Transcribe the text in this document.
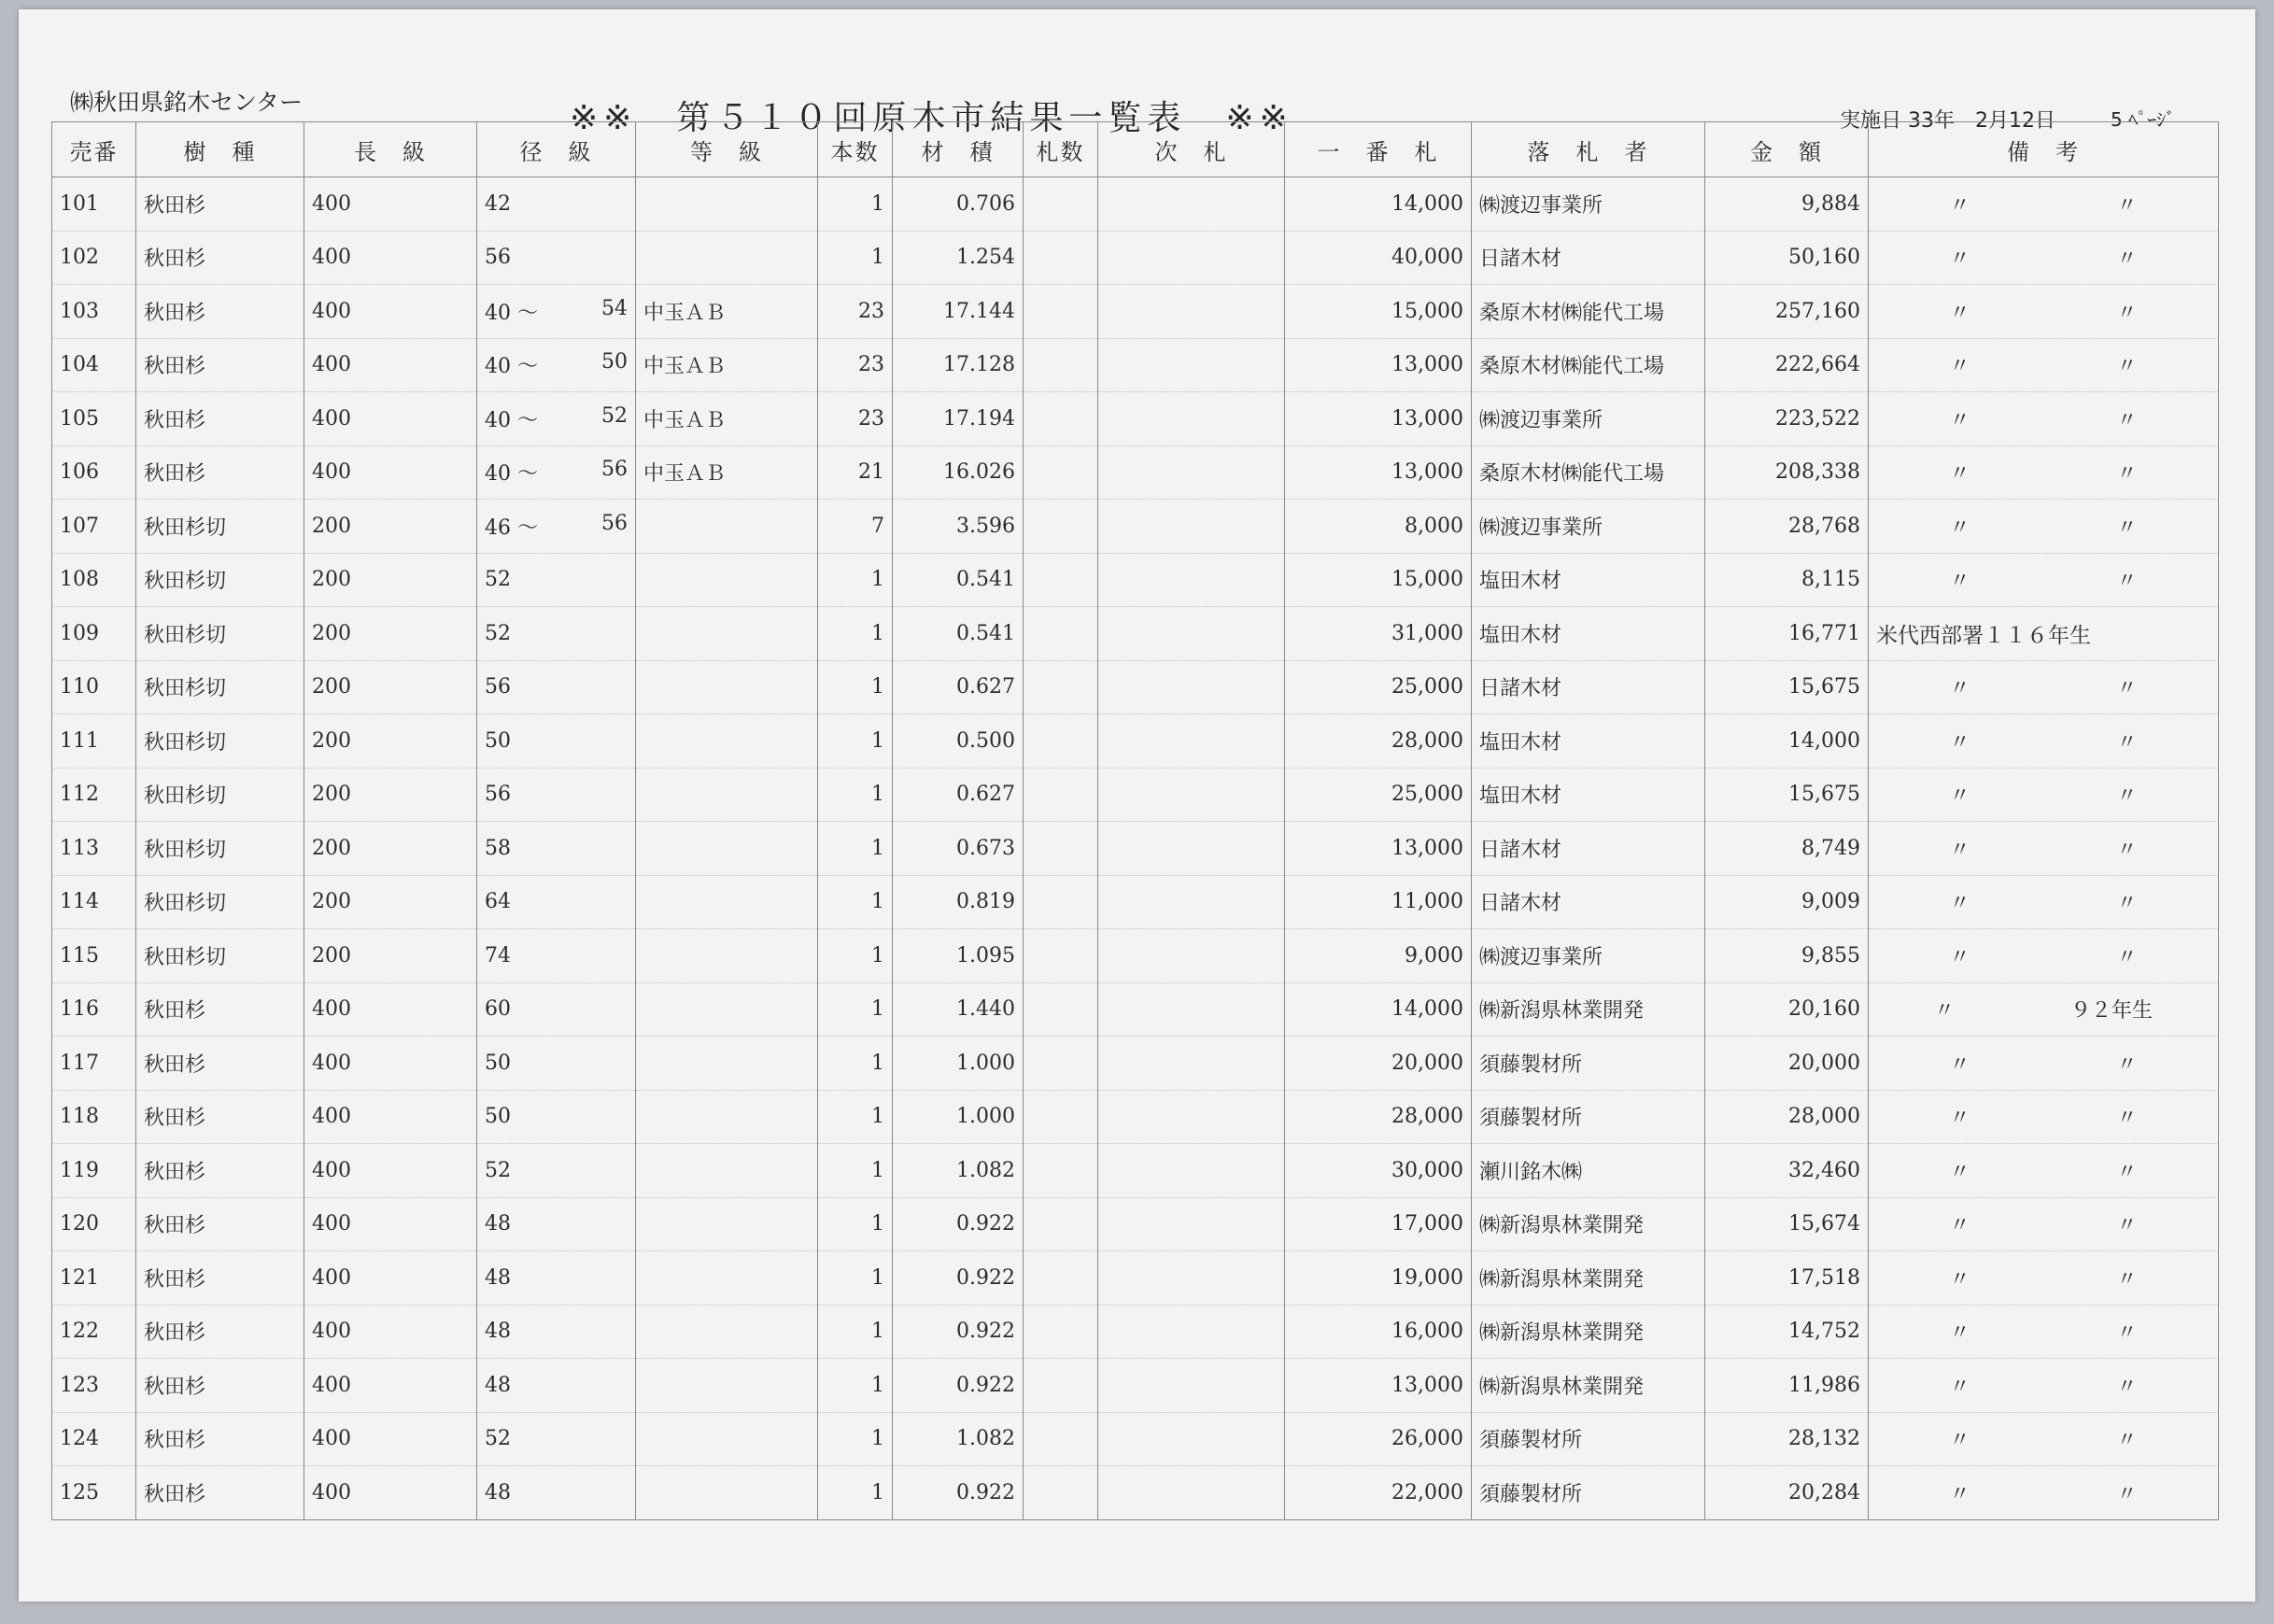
㈱秋田県銘木センター	※※　第５１０回原木市結果一覧表　※※	実施日 33年　2月12日	5 ﾍﾟｰｼﾞ
売番	樹　種	長　級	径　級	等　級	本数	材　積	札数	次　札	一　番　札	落　札　者	金　額	備　考
101	秋田杉	400	42		1	0.706			14,000	㈱渡辺事業所	9,884	〃 〃

102	秋田杉	400	56		1	1.254			40,000	日諸木材	50,160	〃 〃

103	秋田杉	400	40 ～ 54	中玉ＡＢ	23	17.144			15,000	桑原木材㈱能代工場	257,160	〃 〃

104	秋田杉	400	40 ～ 50	中玉ＡＢ	23	17.128			13,000	桑原木材㈱能代工場	222,664	〃 〃

105	秋田杉	400	40 ～ 52	中玉ＡＢ	23	17.194			13,000	㈱渡辺事業所	223,522	〃 〃

106	秋田杉	400	40 ～ 56	中玉ＡＢ	21	16.026			13,000	桑原木材㈱能代工場	208,338	〃 〃

107	秋田杉切	200	46 ～ 56		7	3.596			8,000	㈱渡辺事業所	28,768	〃 〃

108	秋田杉切	200	52		1	0.541			15,000	塩田木材	8,115	〃 〃

109	秋田杉切	200	52		1	0.541			31,000	塩田木材	16,771	米代西部署１１６年生
110	秋田杉切	200	56		1	0.627			25,000	日諸木材	15,675	〃 〃

111	秋田杉切	200	50		1	0.500			28,000	塩田木材	14,000	〃 〃

112	秋田杉切	200	56		1	0.627			25,000	塩田木材	15,675	〃 〃

113	秋田杉切	200	58		1	0.673			13,000	日諸木材	8,749	〃 〃

114	秋田杉切	200	64		1	0.819			11,000	日諸木材	9,009	〃 〃

115	秋田杉切	200	74		1	1.095			9,000	㈱渡辺事業所	9,855	〃 〃

116	秋田杉	400	60		1	1.440			14,000	㈱新潟県林業開発	20,160	〃 ９２年生

117	秋田杉	400	50		1	1.000			20,000	須藤製材所	20,000	〃 〃

118	秋田杉	400	50		1	1.000			28,000	須藤製材所	28,000	〃 〃

119	秋田杉	400	52		1	1.082			30,000	瀬川銘木㈱	32,460	〃 〃

120	秋田杉	400	48		1	0.922			17,000	㈱新潟県林業開発	15,674	〃 〃

121	秋田杉	400	48		1	0.922			19,000	㈱新潟県林業開発	17,518	〃 〃

122	秋田杉	400	48		1	0.922			16,000	㈱新潟県林業開発	14,752	〃 〃

123	秋田杉	400	48		1	0.922			13,000	㈱新潟県林業開発	11,986	〃 〃

124	秋田杉	400	52		1	1.082			26,000	須藤製材所	28,132	〃 〃

125	秋田杉	400	48		1	0.922			22,000	須藤製材所	20,284	〃 〃
